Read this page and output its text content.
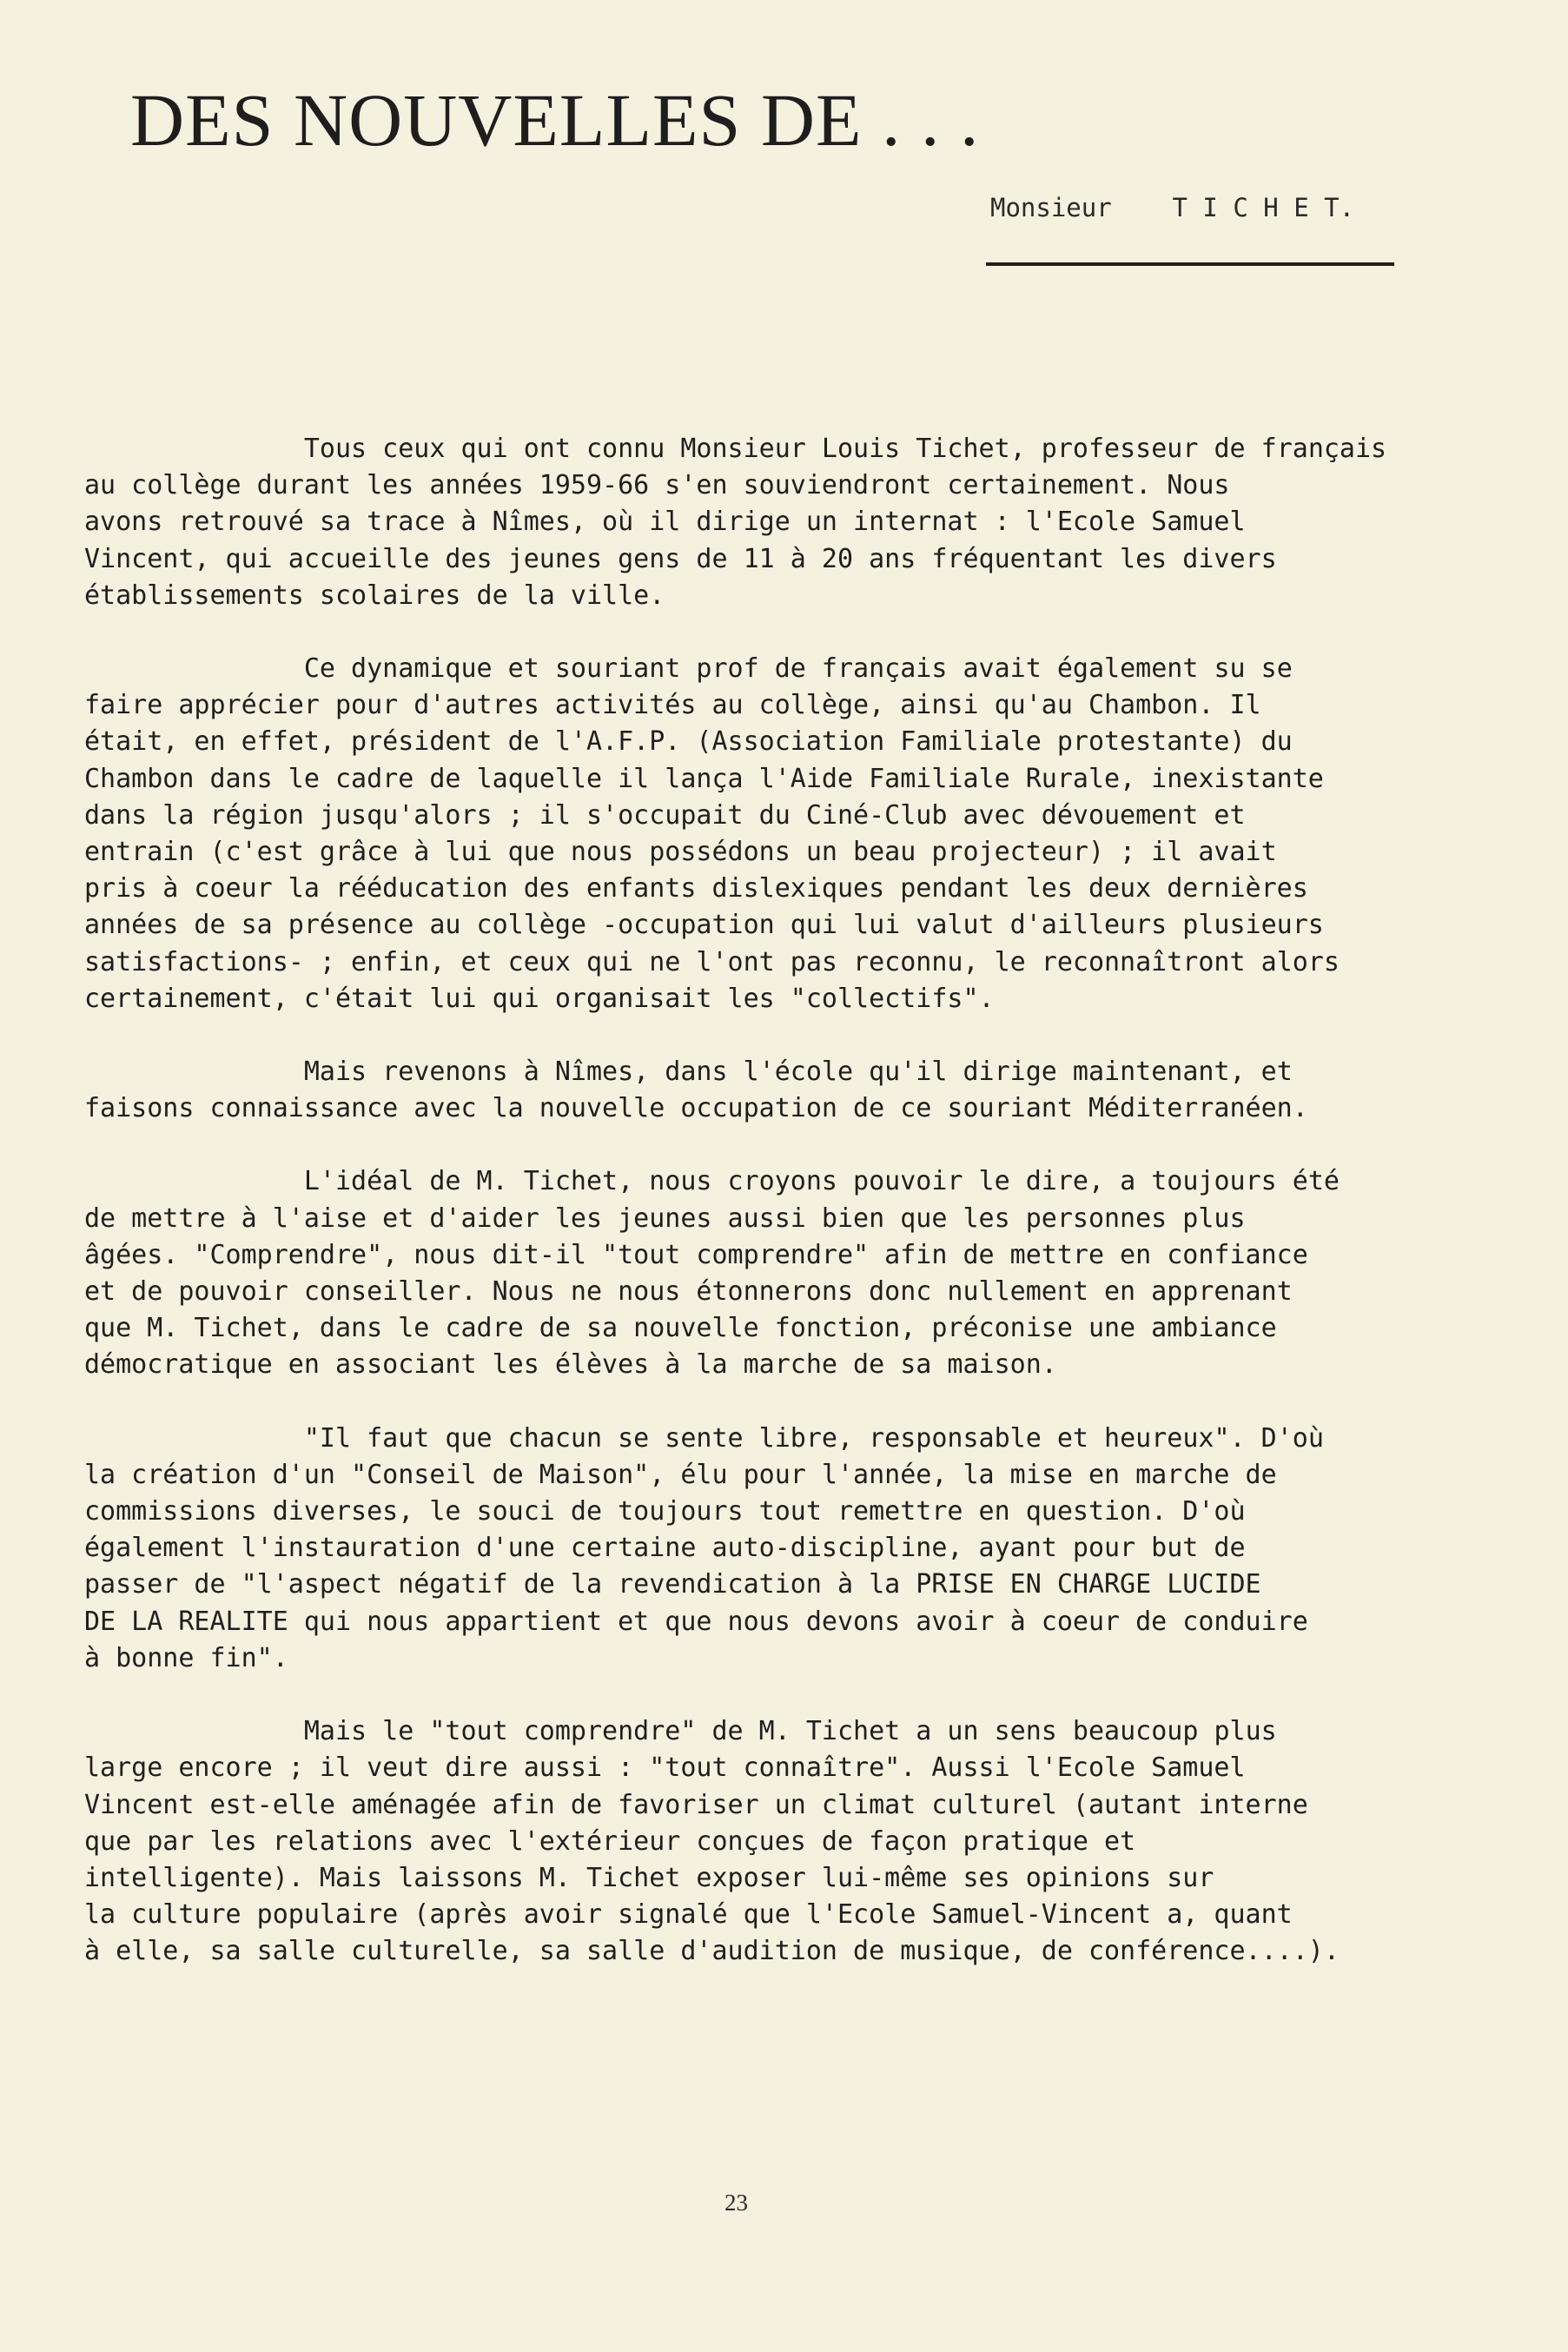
DES NOUVELLES DE . . .
Monsieur    T I C H E T.

Tous ceux qui ont connu Monsieur Louis Tichet, professeur de français
au collège durant les années 1959-66 s'en souviendront certainement. Nous
avons retrouvé sa trace à Nîmes, où il dirige un internat : l'Ecole Samuel
Vincent, qui accueille des jeunes gens de 11 à 20 ans fréquentant les divers
établissements scolaires de la ville.

Ce dynamique et souriant prof de français avait également su se
faire apprécier pour d'autres activités au collège, ainsi qu'au Chambon. Il
était, en effet, président de l'A.F.P. (Association Familiale protestante) du
Chambon dans le cadre de laquelle il lança l'Aide Familiale Rurale, inexistante
dans la région jusqu'alors ; il s'occupait du Ciné-Club avec dévouement et
entrain (c'est grâce à lui que nous possédons un beau projecteur) ; il avait
pris à coeur la rééducation des enfants dislexiques pendant les deux dernières
années de sa présence au collège -occupation qui lui valut d'ailleurs plusieurs
satisfactions- ; enfin, et ceux qui ne l'ont pas reconnu, le reconnaîtront alors
certainement, c'était lui qui organisait les "collectifs".

Mais revenons à Nîmes, dans l'école qu'il dirige maintenant, et
faisons connaissance avec la nouvelle occupation de ce souriant Méditerranéen.

L'idéal de M. Tichet, nous croyons pouvoir le dire, a toujours été
de mettre à l'aise et d'aider les jeunes aussi bien que les personnes plus
âgées. "Comprendre", nous dit-il "tout comprendre" afin de mettre en confiance
et de pouvoir conseiller. Nous ne nous étonnerons donc nullement en apprenant
que M. Tichet, dans le cadre de sa nouvelle fonction, préconise une ambiance
démocratique en associant les élèves à la marche de sa maison.

"Il faut que chacun se sente libre, responsable et heureux". D'où
la création d'un "Conseil de Maison", élu pour l'année, la mise en marche de
commissions diverses, le souci de toujours tout remettre en question. D'où
également l'instauration d'une certaine auto-discipline, ayant pour but de
passer de "l'aspect négatif de la revendication à la PRISE EN CHARGE LUCIDE
DE LA REALITE qui nous appartient et que nous devons avoir à coeur de conduire
à bonne fin".

Mais le "tout comprendre" de M. Tichet a un sens beaucoup plus
large encore ; il veut dire aussi : "tout connaître". Aussi l'Ecole Samuel
Vincent est-elle aménagée afin de favoriser un climat culturel (autant interne
que par les relations avec l'extérieur conçues de façon pratique et
intelligente). Mais laissons M. Tichet exposer lui-même ses opinions sur
la culture populaire (après avoir signalé que l'Ecole Samuel-Vincent a, quant
à elle, sa salle culturelle, sa salle d'audition de musique, de conférence....).

23
